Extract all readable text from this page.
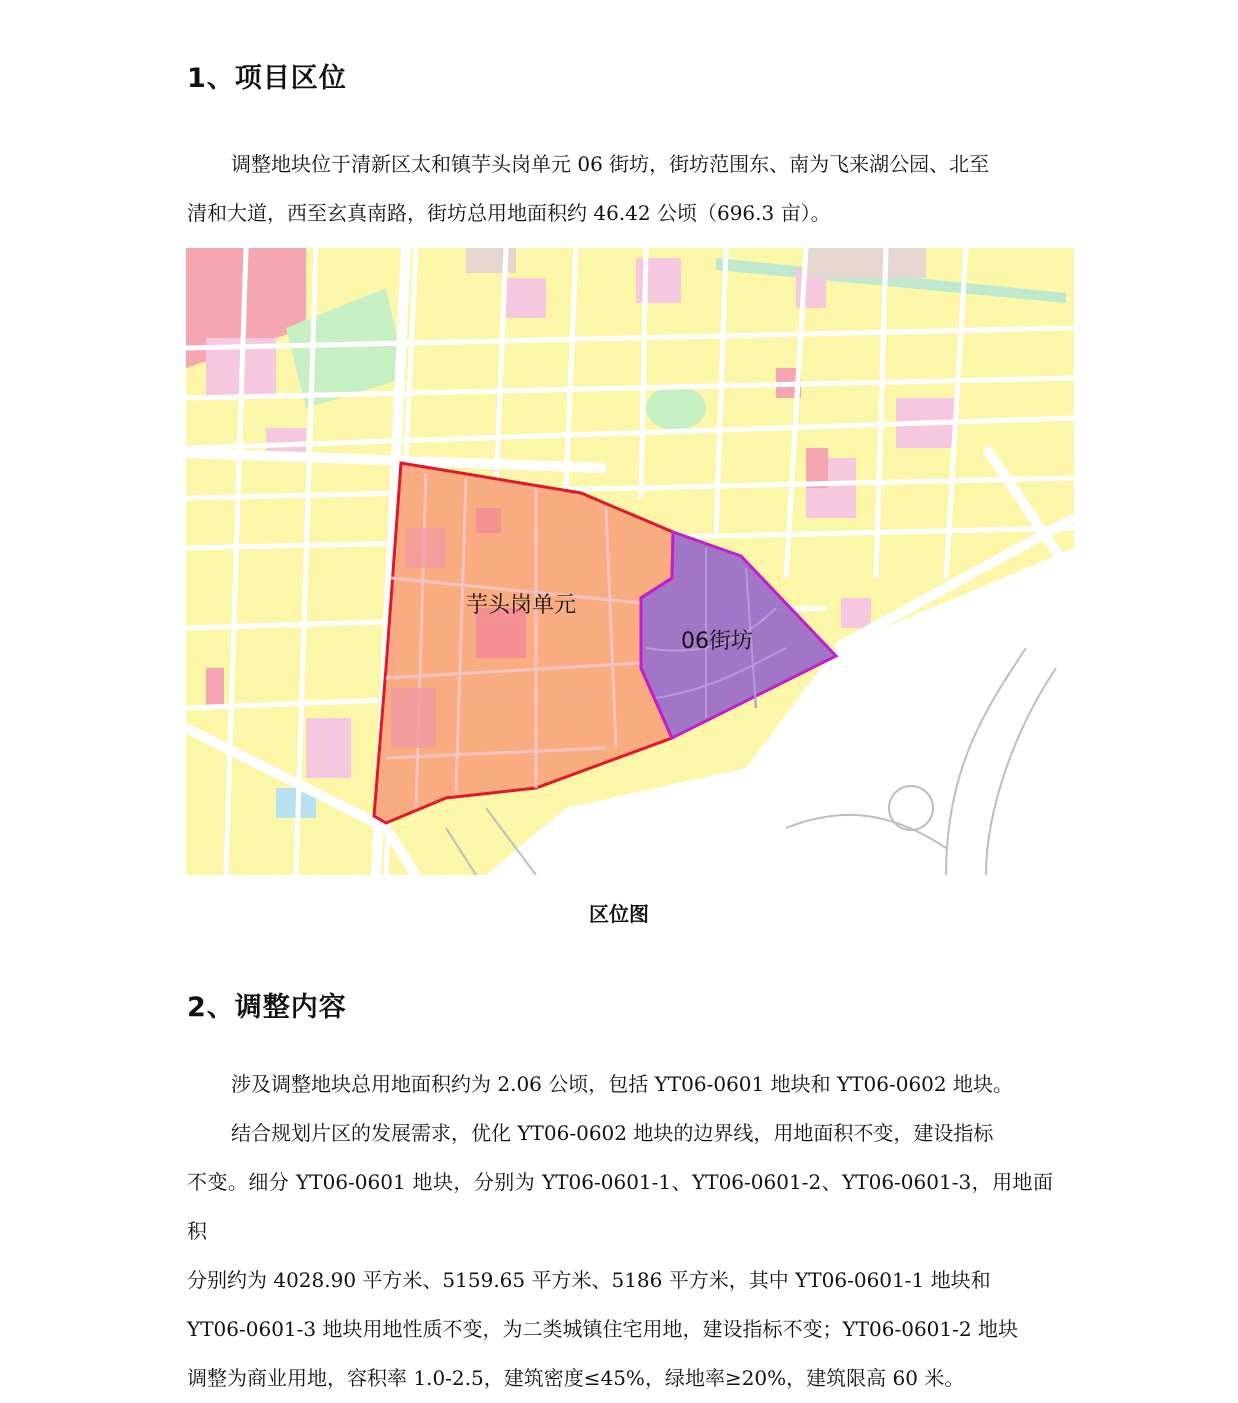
1、项目区位

调整地块位于清新区太和镇芋头岗单元 06 街坊，街坊范围东、南为飞来湖公园、北至

清和大道，西至玄真南路，街坊总用地面积约 46.42 公顷（696.3 亩）。

芋头岗单元
06街坊
区位图
2、调整内容

涉及调整地块总用地面积约为 2.06 公顷，包括 YT06-0601 地块和 YT06-0602 地块。

结合规划片区的发展需求，优化 YT06-0602 地块的边界线，用地面积不变，建设指标

不变。细分 YT06-0601 地块，分别为 YT06-0601-1、YT06-0601-2、YT06-0601-3，用地面积

分别约为 4028.90 平方米、5159.65 平方米、5186 平方米，其中 YT06-0601-1 地块和

YT06-0601-3 地块用地性质不变，为二类城镇住宅用地，建设指标不变；YT06-0601-2 地块

调整为商业用地，容积率 1.0-2.5，建筑密度≤45%，绿地率≥20%，建筑限高 60 米。
